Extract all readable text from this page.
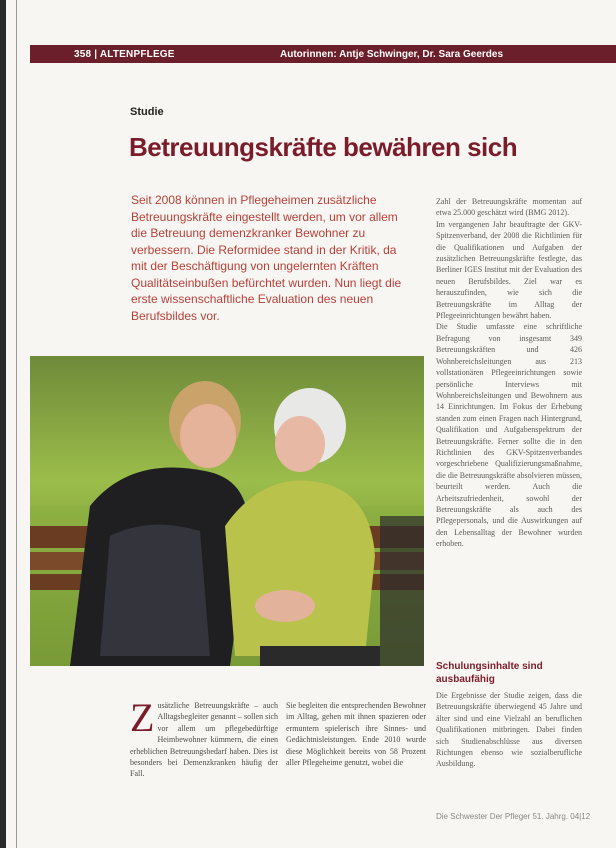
358 | ALTENPFLEGE	Autorinnen: Antje Schwinger, Dr. Sara Geerdes
Studie
Betreuungskräfte bewähren sich
Seit 2008 können in Pflegeheimen zusätzliche Betreuungskräfte eingestellt werden, um vor allem die Betreuung demenzkranker Bewohner zu verbessern. Die Reformidee stand in der Kritik, da mit der Beschäftigung von ungelernten Kräften Qualitätseinbußen befürchtet wurden. Nun liegt die erste wissenschaftliche Evaluation des neuen Berufsbildes vor.

Zahl der Betreuungskräfte momentan auf etwa 25.000 geschätzt wird (BMG 2012).

Im vergangenen Jahr beauftragte der GKV-Spitzenverband, der 2008 die Richtlinien für die Qualifikationen und Aufgaben der zusätzlichen Betreuungskräfte festlegte, das Berliner IGES Institut mit der Evaluation des neuen Berufsbildes. Ziel war es herauszufinden, wie sich die Betreuungskräfte im Alltag der Pflegeeinrichtungen bewährt haben.

Die Studie umfasste eine schriftliche Befragung von insgesamt 349 Betreuungskräften und 426 Wohnbereichsleitungen aus 213 vollstationären Pflegeeinrichtungen sowie persönliche Interviews mit Wohnbereichsleitungen und Bewohnern aus 14 Einrichtungen. Im Fokus der Erhebung standen zum einen Fragen nach Hintergrund, Qualifikation und Aufgabenspektrum der Betreuungskräfte. Ferner sollte die in den Richtlinien des GKV-Spitzenverbandes vorgeschriebene Qualifizierungsmaßnahme, die die Betreuungskräfte absolvieren müssen, beurteilt werden. Auch die Arbeitszufriedenheit, sowohl der Betreuungskräfte als auch des Pflegepersonals, und die Auswirkungen auf den Lebensalltag der Bewohner wurden erhoben.

Schulungsinhalte sind ausbaufähig

Die Ergebnisse der Studie zeigen, dass die Betreuungskräfte überwiegend 45 Jahre und älter sind und eine Vielzahl an beruflichen Qualifikationen mitbringen. Dabei finden sich Studienabschlüsse aus diversen Richtungen ebenso wie sozialberufliche Ausbildung.

Z usätzliche Betreuungskräfte – auch Alltagsbegleiter genannt – sollen sich vor allem um pflegebedürftige Heimbewohner kümmern, die einen erheblichen Betreuungsbedarf haben. Dies ist besonders bei Demenzkranken häufig der Fall.

Sie begleiten die entsprechenden Bewohner im Alltag, gehen mit ihnen spazieren oder ermuntern spielerisch ihre Sinnes- und Gedächtnisleistungen. Ende 2010 wurde diese Möglichkeit bereits von 58 Prozent aller Pflegeheime genutzt, wobei die

Die Schwester Der Pfleger 51. Jahrg. 04|12
